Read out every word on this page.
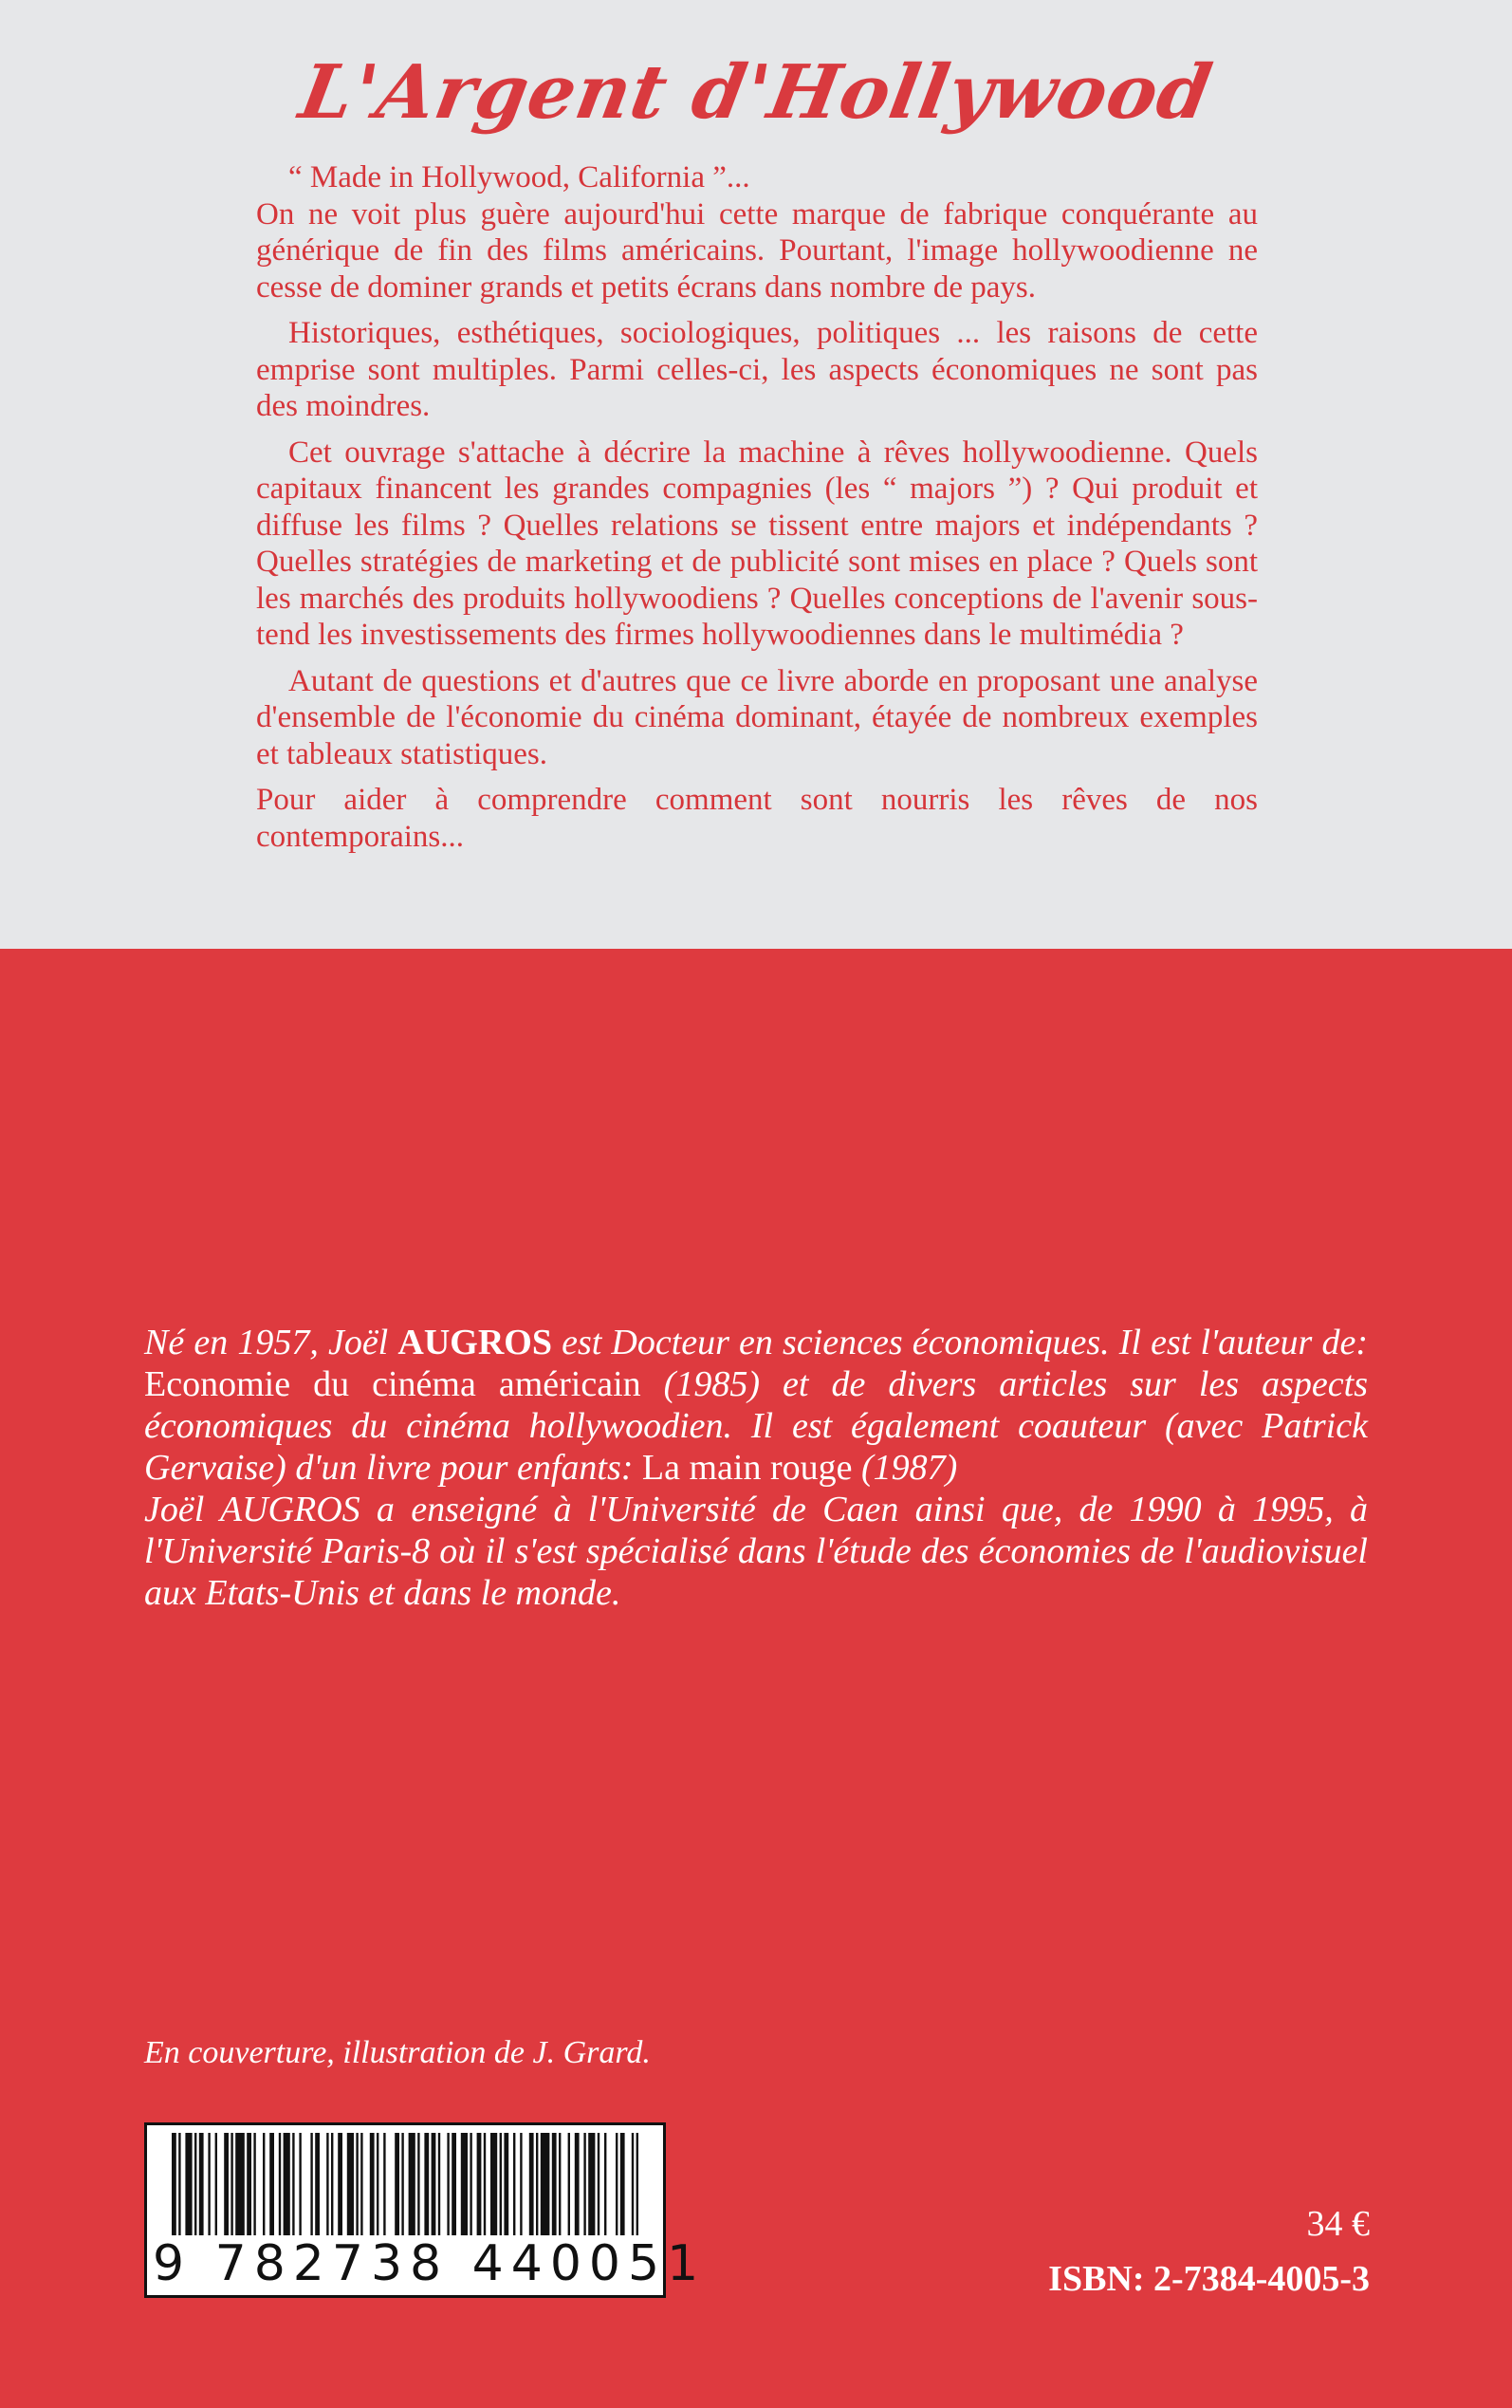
L'Argent d'Hollywood

“ Made in Hollywood, California ”...

On ne voit plus guère aujourd'hui cette marque de fabrique conquérante au générique de fin des films américains. Pourtant, l'image hollywoodienne ne cesse de dominer grands et petits écrans dans nombre de pays.

Historiques, esthétiques, sociologiques, politiques ... les raisons de cette emprise sont multiples. Parmi celles-ci, les aspects économiques ne sont pas des moindres.

Cet ouvrage s'attache à décrire la machine à rêves hollywoodienne. Quels capitaux financent les grandes compagnies (les “ majors ”) ? Qui produit et diffuse les films ? Quelles relations se tissent entre majors et indépendants ? Quelles stratégies de marketing et de publicité sont mises en place ? Quels sont les marchés des produits hollywoodiens ? Quelles conceptions de l'avenir sous-tend les investissements des firmes hollywoodiennes dans le multimédia ?

Autant de questions et d'autres que ce livre aborde en proposant une analyse d'ensemble de l'économie du cinéma dominant, étayée de nombreux exemples et tableaux statistiques.

Pour aider à comprendre comment sont nourris les rêves de nos contemporains...

Né en 1957, Joël AUGROS est Docteur en sciences économiques. Il est l'auteur de: Economie du cinéma américain (1985) et de divers articles sur les aspects économiques du cinéma hollywoodien. Il est également coauteur (avec Patrick Gervaise) d'un livre pour enfants: La main rouge (1987)
Joël AUGROS a enseigné à l'Université de Caen ainsi que, de 1990 à 1995, à l'Université Paris-8 où il s'est spécialisé dans l'étude des économies de l'audiovisuel aux Etats-Unis et dans le monde.
En couverture, illustration de J. Grard.
9 782738 440051
34 €
ISBN: 2-7384-4005-3
